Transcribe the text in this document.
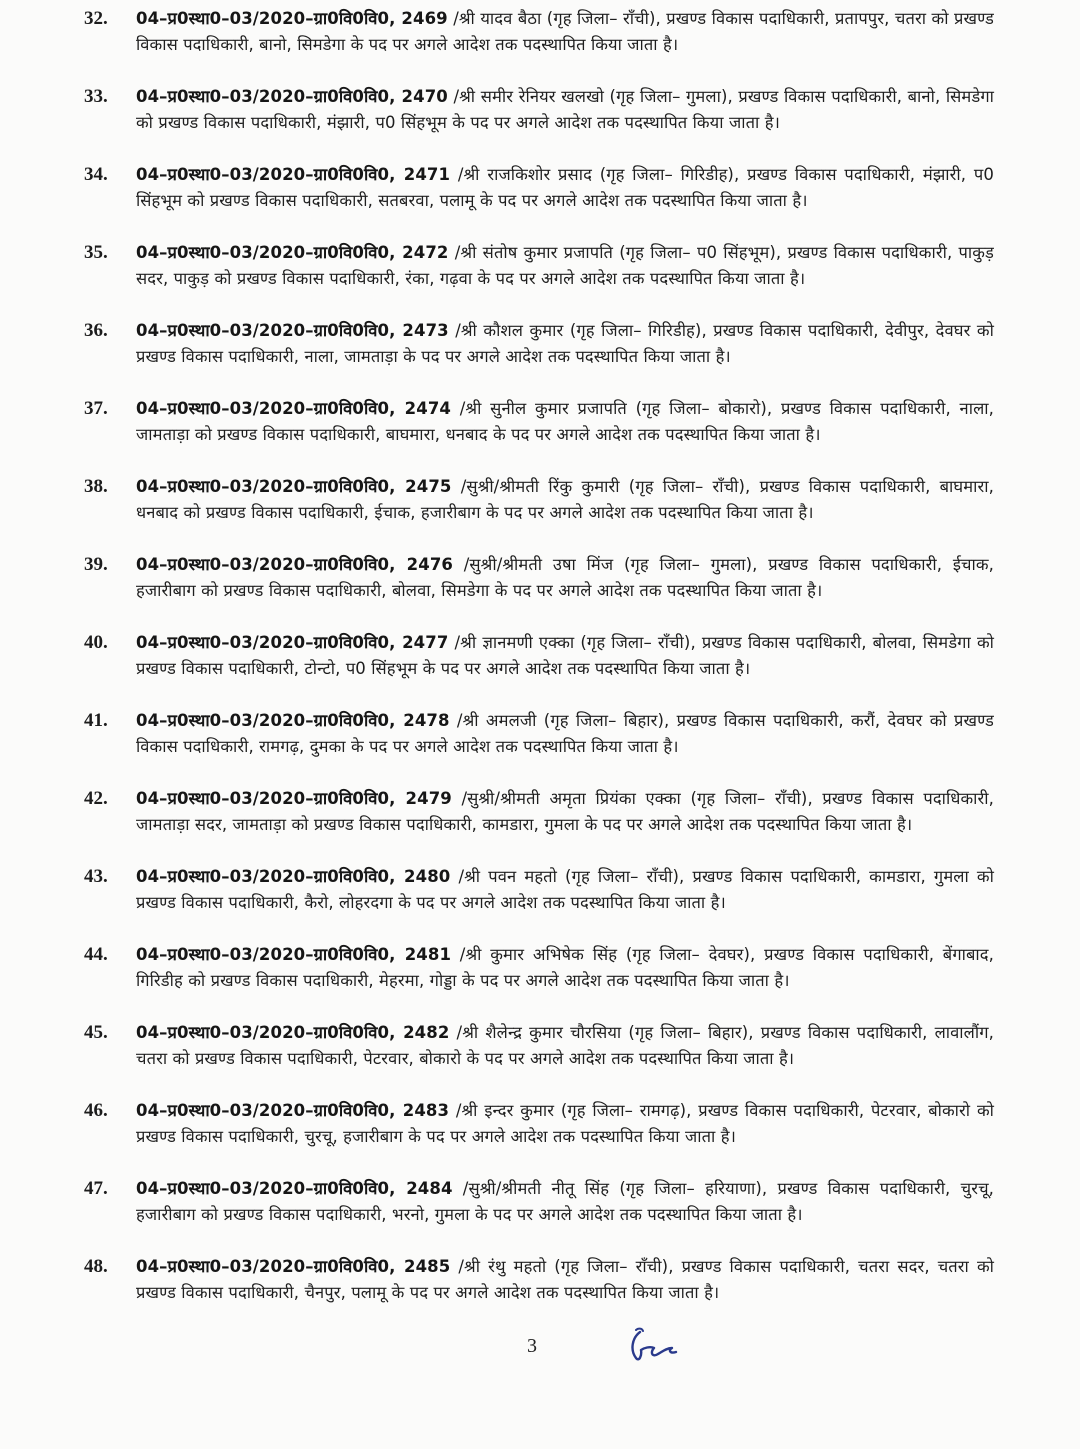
32.	04–प्र0स्था0–03/2020–ग्रा0वि0वि0, 2469 /श्री यादव बैठा (गृह जिला– राँची), प्रखण्ड विकास पदाधिकारी, प्रतापपुर, चतरा को प्रखण्ड विकास पदाधिकारी, बानो, सिमडेगा के पद पर अगले आदेश तक पदस्थापित किया जाता है।
33.	04–प्र0स्था0–03/2020–ग्रा0वि0वि0, 2470 /श्री समीर रेनियर खलखो (गृह जिला– गुमला), प्रखण्ड विकास पदाधिकारी, बानो, सिमडेगा को प्रखण्ड विकास पदाधिकारी, मंझारी, प0 सिंहभूम के पद पर अगले आदेश तक पदस्थापित किया जाता है।
34.	04–प्र0स्था0–03/2020–ग्रा0वि0वि0, 2471 /श्री राजकिशोर प्रसाद (गृह जिला– गिरिडीह), प्रखण्ड विकास पदाधिकारी, मंझारी, प0 सिंहभूम को प्रखण्ड विकास पदाधिकारी, सतबरवा, पलामू के पद पर अगले आदेश तक पदस्थापित किया जाता है।
35.	04–प्र0स्था0–03/2020–ग्रा0वि0वि0, 2472 /श्री संतोष कुमार प्रजापति (गृह जिला– प0 सिंहभूम), प्रखण्ड विकास पदाधिकारी, पाकुड़ सदर, पाकुड़ को प्रखण्ड विकास पदाधिकारी, रंका, गढ़वा के पद पर अगले आदेश तक पदस्थापित किया जाता है।
36.	04–प्र0स्था0–03/2020–ग्रा0वि0वि0, 2473 /श्री कौशल कुमार (गृह जिला– गिरिडीह), प्रखण्ड विकास पदाधिकारी, देवीपुर, देवघर को प्रखण्ड विकास पदाधिकारी, नाला, जामताड़ा के पद पर अगले आदेश तक पदस्थापित किया जाता है।
37.	04–प्र0स्था0–03/2020–ग्रा0वि0वि0, 2474 /श्री सुनील कुमार प्रजापति (गृह जिला– बोकारो), प्रखण्ड विकास पदाधिकारी, नाला, जामताड़ा को प्रखण्ड विकास पदाधिकारी, बाघमारा, धनबाद के पद पर अगले आदेश तक पदस्थापित किया जाता है।
38.	04–प्र0स्था0–03/2020–ग्रा0वि0वि0, 2475 /सुश्री/श्रीमती रिंकु कुमारी (गृह जिला– राँची), प्रखण्ड विकास पदाधिकारी, बाघमारा, धनबाद को प्रखण्ड विकास पदाधिकारी, ईचाक, हजारीबाग के पद पर अगले आदेश तक पदस्थापित किया जाता है।
39.	04–प्र0स्था0–03/2020–ग्रा0वि0वि0, 2476 /सुश्री/श्रीमती उषा मिंज (गृह जिला– गुमला), प्रखण्ड विकास पदाधिकारी, ईचाक, हजारीबाग को प्रखण्ड विकास पदाधिकारी, बोलवा, सिमडेगा के पद पर अगले आदेश तक पदस्थापित किया जाता है।
40.	04–प्र0स्था0–03/2020–ग्रा0वि0वि0, 2477 /श्री ज्ञानमणी एक्का (गृह जिला– राँची), प्रखण्ड विकास पदाधिकारी, बोलवा, सिमडेगा को प्रखण्ड विकास पदाधिकारी, टोन्टो, प0 सिंहभूम के पद पर अगले आदेश तक पदस्थापित किया जाता है।
41.	04–प्र0स्था0–03/2020–ग्रा0वि0वि0, 2478 /श्री अमलजी (गृह जिला– बिहार), प्रखण्ड विकास पदाधिकारी, करौं, देवघर को प्रखण्ड विकास पदाधिकारी, रामगढ़, दुमका के पद पर अगले आदेश तक पदस्थापित किया जाता है।
42.	04–प्र0स्था0–03/2020–ग्रा0वि0वि0, 2479 /सुश्री/श्रीमती अमृता प्रियंका एक्का (गृह जिला– राँची), प्रखण्ड विकास पदाधिकारी, जामताड़ा सदर, जामताड़ा को प्रखण्ड विकास पदाधिकारी, कामडारा, गुमला के पद पर अगले आदेश तक पदस्थापित किया जाता है।
43.	04–प्र0स्था0–03/2020–ग्रा0वि0वि0, 2480 /श्री पवन महतो (गृह जिला– राँची), प्रखण्ड विकास पदाधिकारी, कामडारा, गुमला को प्रखण्ड विकास पदाधिकारी, कैरो, लोहरदगा के पद पर अगले आदेश तक पदस्थापित किया जाता है।
44.	04–प्र0स्था0–03/2020–ग्रा0वि0वि0, 2481 /श्री कुमार अभिषेक सिंह (गृह जिला– देवघर), प्रखण्ड विकास पदाधिकारी, बेंगाबाद, गिरिडीह को प्रखण्ड विकास पदाधिकारी, मेहरमा, गोड्डा के पद पर अगले आदेश तक पदस्थापित किया जाता है।
45.	04–प्र0स्था0–03/2020–ग्रा0वि0वि0, 2482 /श्री शैलेन्द्र कुमार चौरसिया (गृह जिला– बिहार), प्रखण्ड विकास पदाधिकारी, लावालौंग, चतरा को प्रखण्ड विकास पदाधिकारी, पेटरवार, बोकारो के पद पर अगले आदेश तक पदस्थापित किया जाता है।
46.	04–प्र0स्था0–03/2020–ग्रा0वि0वि0, 2483 /श्री इन्दर कुमार (गृह जिला– रामगढ़), प्रखण्ड विकास पदाधिकारी, पेटरवार, बोकारो को प्रखण्ड विकास पदाधिकारी, चुरचू, हजारीबाग के पद पर अगले आदेश तक पदस्थापित किया जाता है।
47.	04–प्र0स्था0–03/2020–ग्रा0वि0वि0, 2484 /सुश्री/श्रीमती नीतू सिंह (गृह जिला– हरियाणा), प्रखण्ड विकास पदाधिकारी, चुरचू, हजारीबाग को प्रखण्ड विकास पदाधिकारी, भरनो, गुमला के पद पर अगले आदेश तक पदस्थापित किया जाता है।
48.	04–प्र0स्था0–03/2020–ग्रा0वि0वि0, 2485 /श्री रंथु महतो (गृह जिला– राँची), प्रखण्ड विकास पदाधिकारी, चतरा सदर, चतरा को प्रखण्ड विकास पदाधिकारी, चैनपुर, पलामू के पद पर अगले आदेश तक पदस्थापित किया जाता है।
3
